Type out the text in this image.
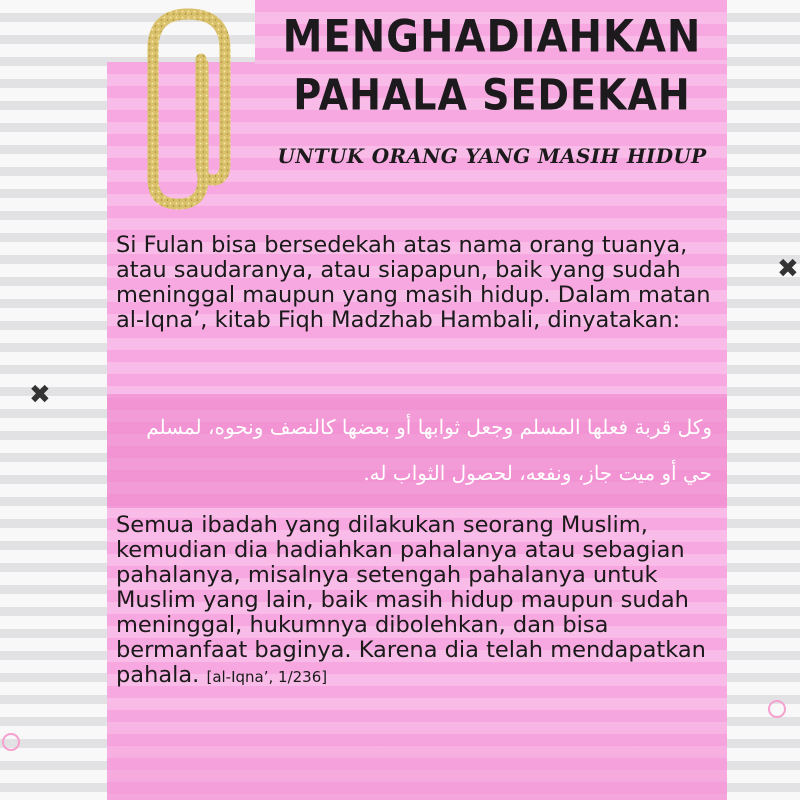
MENGHADIAHKAN
PAHALA SEDEKAH
UNTUK ORANG YANG MASIH HIDUP

Si Fulan bisa bersedekah atas nama orang tuanya, atau saudaranya, atau siapapun, baik yang sudah meninggal maupun yang masih hidup. Dalam matan al-Iqna’, kitab Fiqh Madzhab Hambali, dinyatakan:

وكل قربة فعلها المسلم وجعل ثوابها أو بعضها كالنصف ونحوه، لمسلم حي أو ميت جاز، ونفعه، لحصول الثواب له.

Semua ibadah yang dilakukan seorang Muslim, kemudian dia hadiahkan pahalanya atau sebagian pahalanya, misalnya setengah pahalanya untuk Muslim yang lain, baik masih hidup maupun sudah meninggal, hukumnya dibolehkan, dan bisa bermanfaat baginya. Karena dia telah mendapatkan pahala. [al-Iqna’, 1/236]

✖
✖
